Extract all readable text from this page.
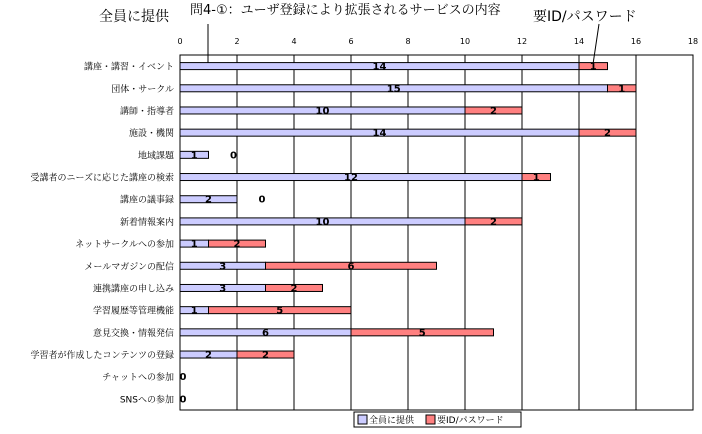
問4-①：ユーザ登録により拡張されるサービスの内容
全員に提供	要ID/パスワード
0	2	4	6	8	10	12	14	16	18
講座・講習・イベント
団体・サークル
講師・指導者
施設・機関
地域課題
受講者のニーズに応じた講座の検索
講座の議事録
新着情報案内
ネットサークルへの参加
メールマガジンの配信
連携講座の申し込み
学習履歴等管理機能
意見交換・情報発信
学習者が作成したコンテンツの登録
チャットへの参加
SNSへの参加
14	1
15	1
10	2
14	2
1	0
12	1
2	0
10	2
1	2
3	6
3	2
1	5
6	5
2	2
0
0
全員に提供	要ID/パスワード
